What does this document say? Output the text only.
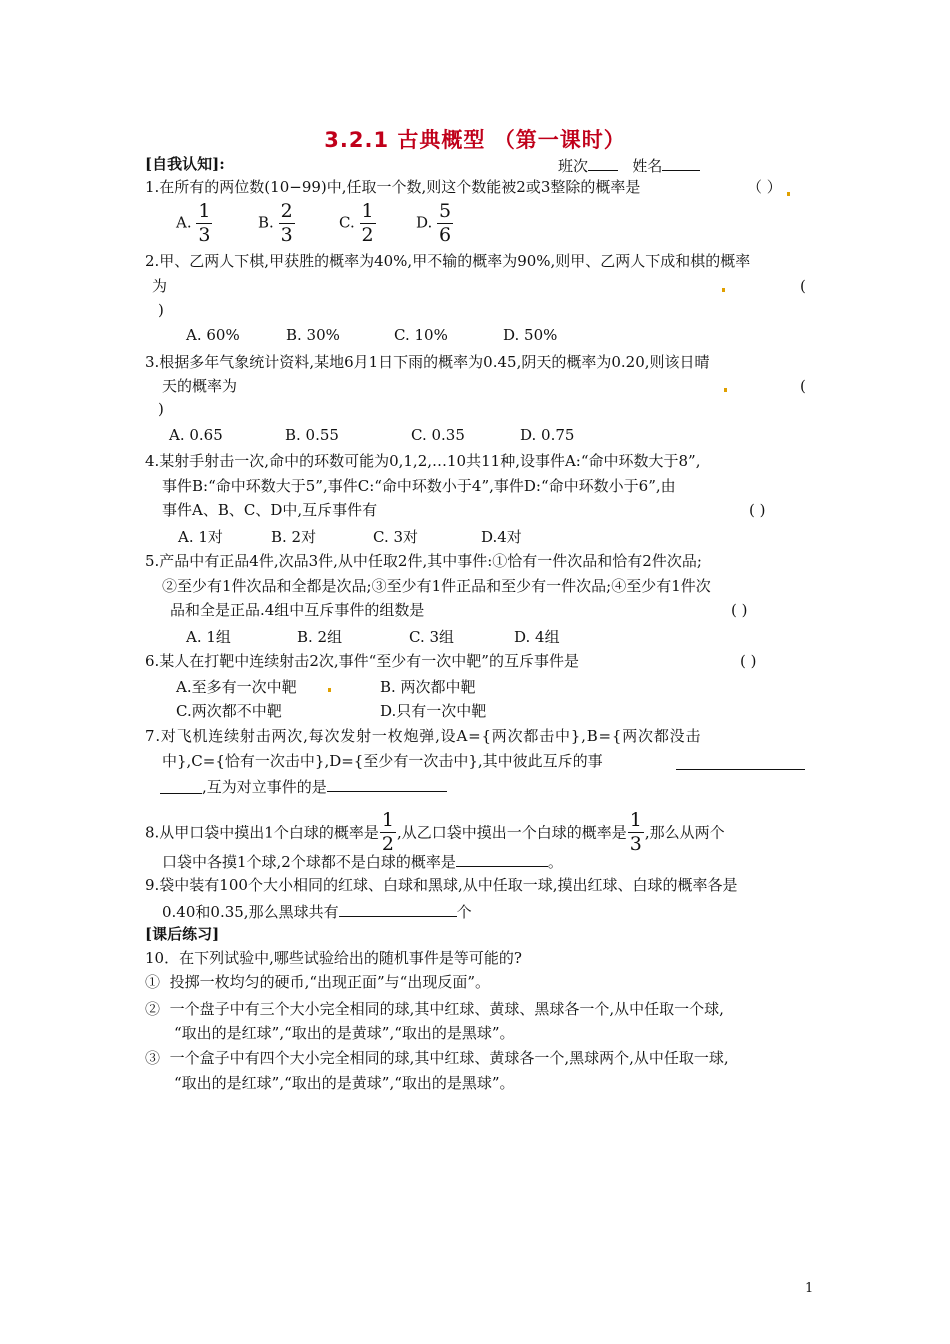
3.2.1 古典概型 （第一课时）
[自我认知]:	班次	姓名
1.在所有的两位数(10−99)中,任取一个数,则这个数能被2或3整除的概率是	（ ）
A. $\frac{1}{3}$	B. $\frac{2}{3}$	C. $\frac{1}{2}$	D. $\frac{5}{6}$
2.甲、乙两人下棋,甲获胜的概率为40%,甲不输的概率为90%,则甲、乙两人下成和棋的概率
为	(
)
A. 60%	B. 30%	C. 10%	D. 50%
3.根据多年气象统计资料,某地6月1日下雨的概率为0.45,阴天的概率为0.20,则该日晴
天的概率为	(
)
A. 0.65	B. 0.55	C. 0.35	D. 0.75
4.某射手射击一次,命中的环数可能为0,1,2,…10共11种,设事件A:“命中环数大于8”,
事件B:“命中环数大于5”,事件C:“命中环数小于4”,事件D:“命中环数小于6”,由
事件A、B、C、D中,互斥事件有	( )
A. 1对	B. 2对	C. 3对	D.4对
5.产品中有正品4件,次品3件,从中任取2件,其中事件:①恰有一件次品和恰有2件次品;
②至少有1件次品和全都是次品;③至少有1件正品和至少有一件次品;④至少有1件次
品和全是正品.4组中互斥事件的组数是	( )
A. 1组	B. 2组	C. 3组	D. 4组
6.某人在打靶中连续射击2次,事件“至少有一次中靶”的互斥事件是	( )
A.至多有一次中靶	B. 两次都中靶
C.两次都不中靶	D.只有一次中靶
7.对飞机连续射击两次,每次发射一枚炮弹,设A={两次都击中},B={两次都没击
中},C={恰有一次击中},D={至少有一次击中},其中彼此互斥的事
,互为对立事件的是
8.从甲口袋中摸出1个白球的概率是 $\frac{1}{2}$ ,从乙口袋中摸出一个白球的概率是 $\frac{1}{3}$ ,那么从两个
口袋中各摸1个球,2个球都不是白球的概率是	。
9.袋中装有100个大小相同的红球、白球和黑球,从中任取一球,摸出红球、白球的概率各是
0.40和0.35,那么黑球共有	个
[课后练习]
10．在下列试验中,哪些试验给出的随机事件是等可能的?
① 投掷一枚均匀的硬币,“出现正面”与“出现反面”。
② 一个盘子中有三个大小完全相同的球,其中红球、黄球、黑球各一个,从中任取一个球,
“取出的是红球”,“取出的是黄球”,“取出的是黑球”。
③ 一个盒子中有四个大小完全相同的球,其中红球、黄球各一个,黑球两个,从中任取一球,
“取出的是红球”,“取出的是黄球”,“取出的是黑球”。
1
